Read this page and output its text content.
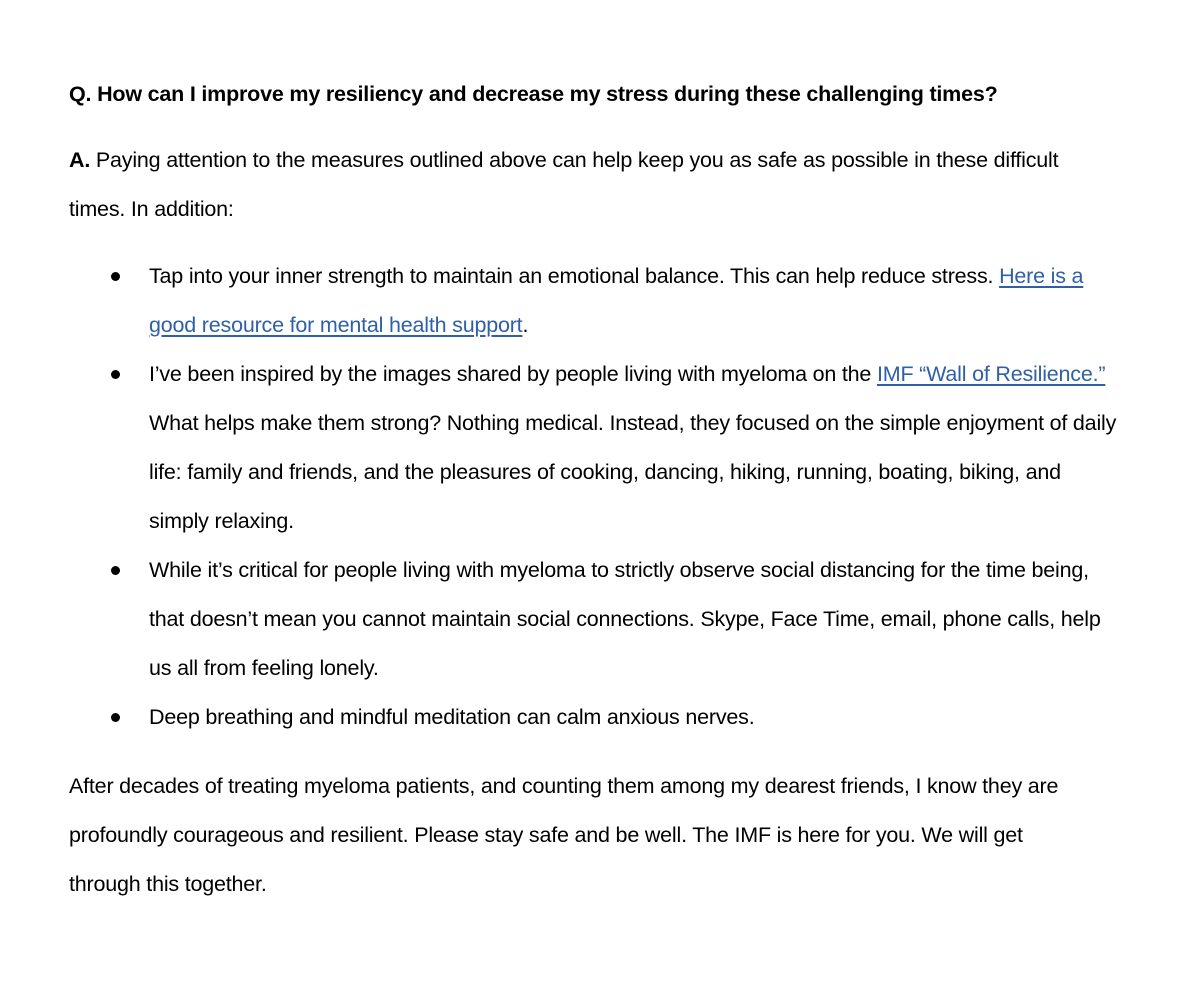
Q. How can I improve my resiliency and decrease my stress during these challenging times?

A. Paying attention to the measures outlined above can help keep you as safe as possible in these difficult times. In addition:

Tap into your inner strength to maintain an emotional balance. This can help reduce stress. Here is a good resource for mental health support.
I’ve been inspired by the images shared by people living with myeloma on the IMF “Wall of Resilience.” What helps make them strong? Nothing medical. Instead, they focused on the simple enjoyment of daily life: family and friends, and the pleasures of cooking, dancing, hiking, running, boating, biking, and simply relaxing.
While it’s critical for people living with myeloma to strictly observe social distancing for the time being, that doesn’t mean you cannot maintain social connections. Skype, Face Time, email, phone calls, help us all from feeling lonely.
Deep breathing and mindful meditation can calm anxious nerves.

After decades of treating myeloma patients, and counting them among my dearest friends, I know they are profoundly courageous and resilient. Please stay safe and be well. The IMF is here for you. We will get through this together.
